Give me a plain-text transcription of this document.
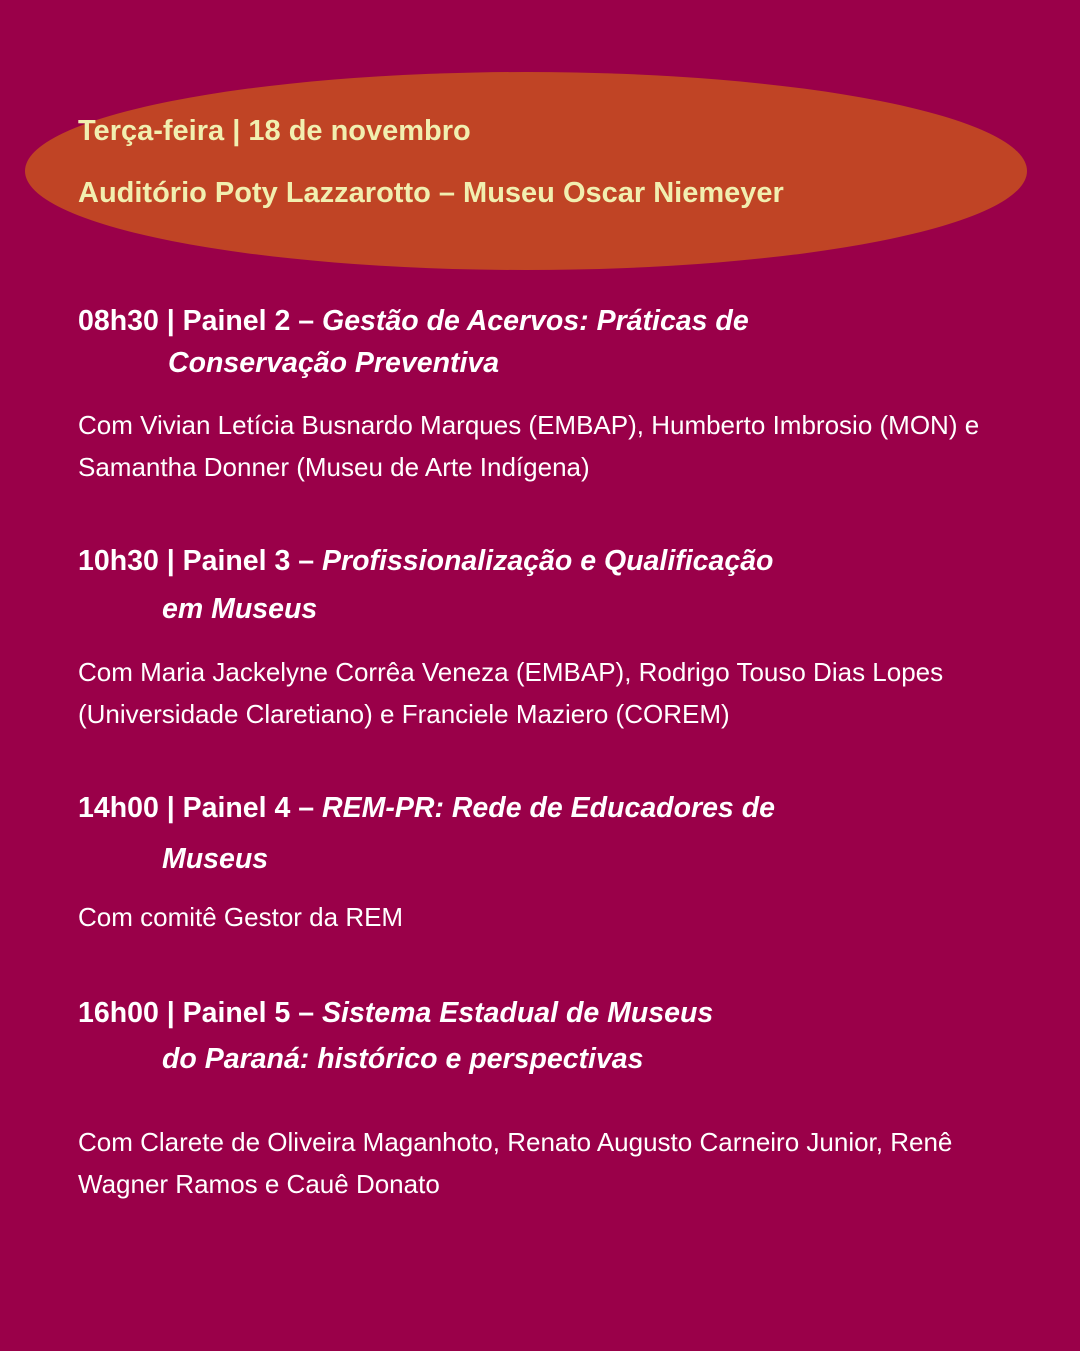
Terça-feira | 18 de novembro

Auditório Poty Lazzarotto – Museu Oscar Niemeyer

08h30 | Painel 2 – Gestão de Acervos: Práticas de

Conservação Preventiva

Com Vivian Letícia Busnardo Marques (EMBAP), Humberto Imbrosio (MON) e Samantha Donner (Museu de Arte Indígena)

10h30 | Painel 3 – Profissionalização e Qualificação

em Museus

Com Maria Jackelyne Corrêa Veneza (EMBAP), Rodrigo Touso Dias Lopes (Universidade Claretiano) e Franciele Maziero (COREM)

14h00 | Painel 4 – REM-PR: Rede de Educadores de

Museus

Com comitê Gestor da REM

16h00 | Painel 5 – Sistema Estadual de Museus

do Paraná: histórico e perspectivas

Com Clarete de Oliveira Maganhoto, Renato Augusto Carneiro Junior, Renê Wagner Ramos e Cauê Donato
